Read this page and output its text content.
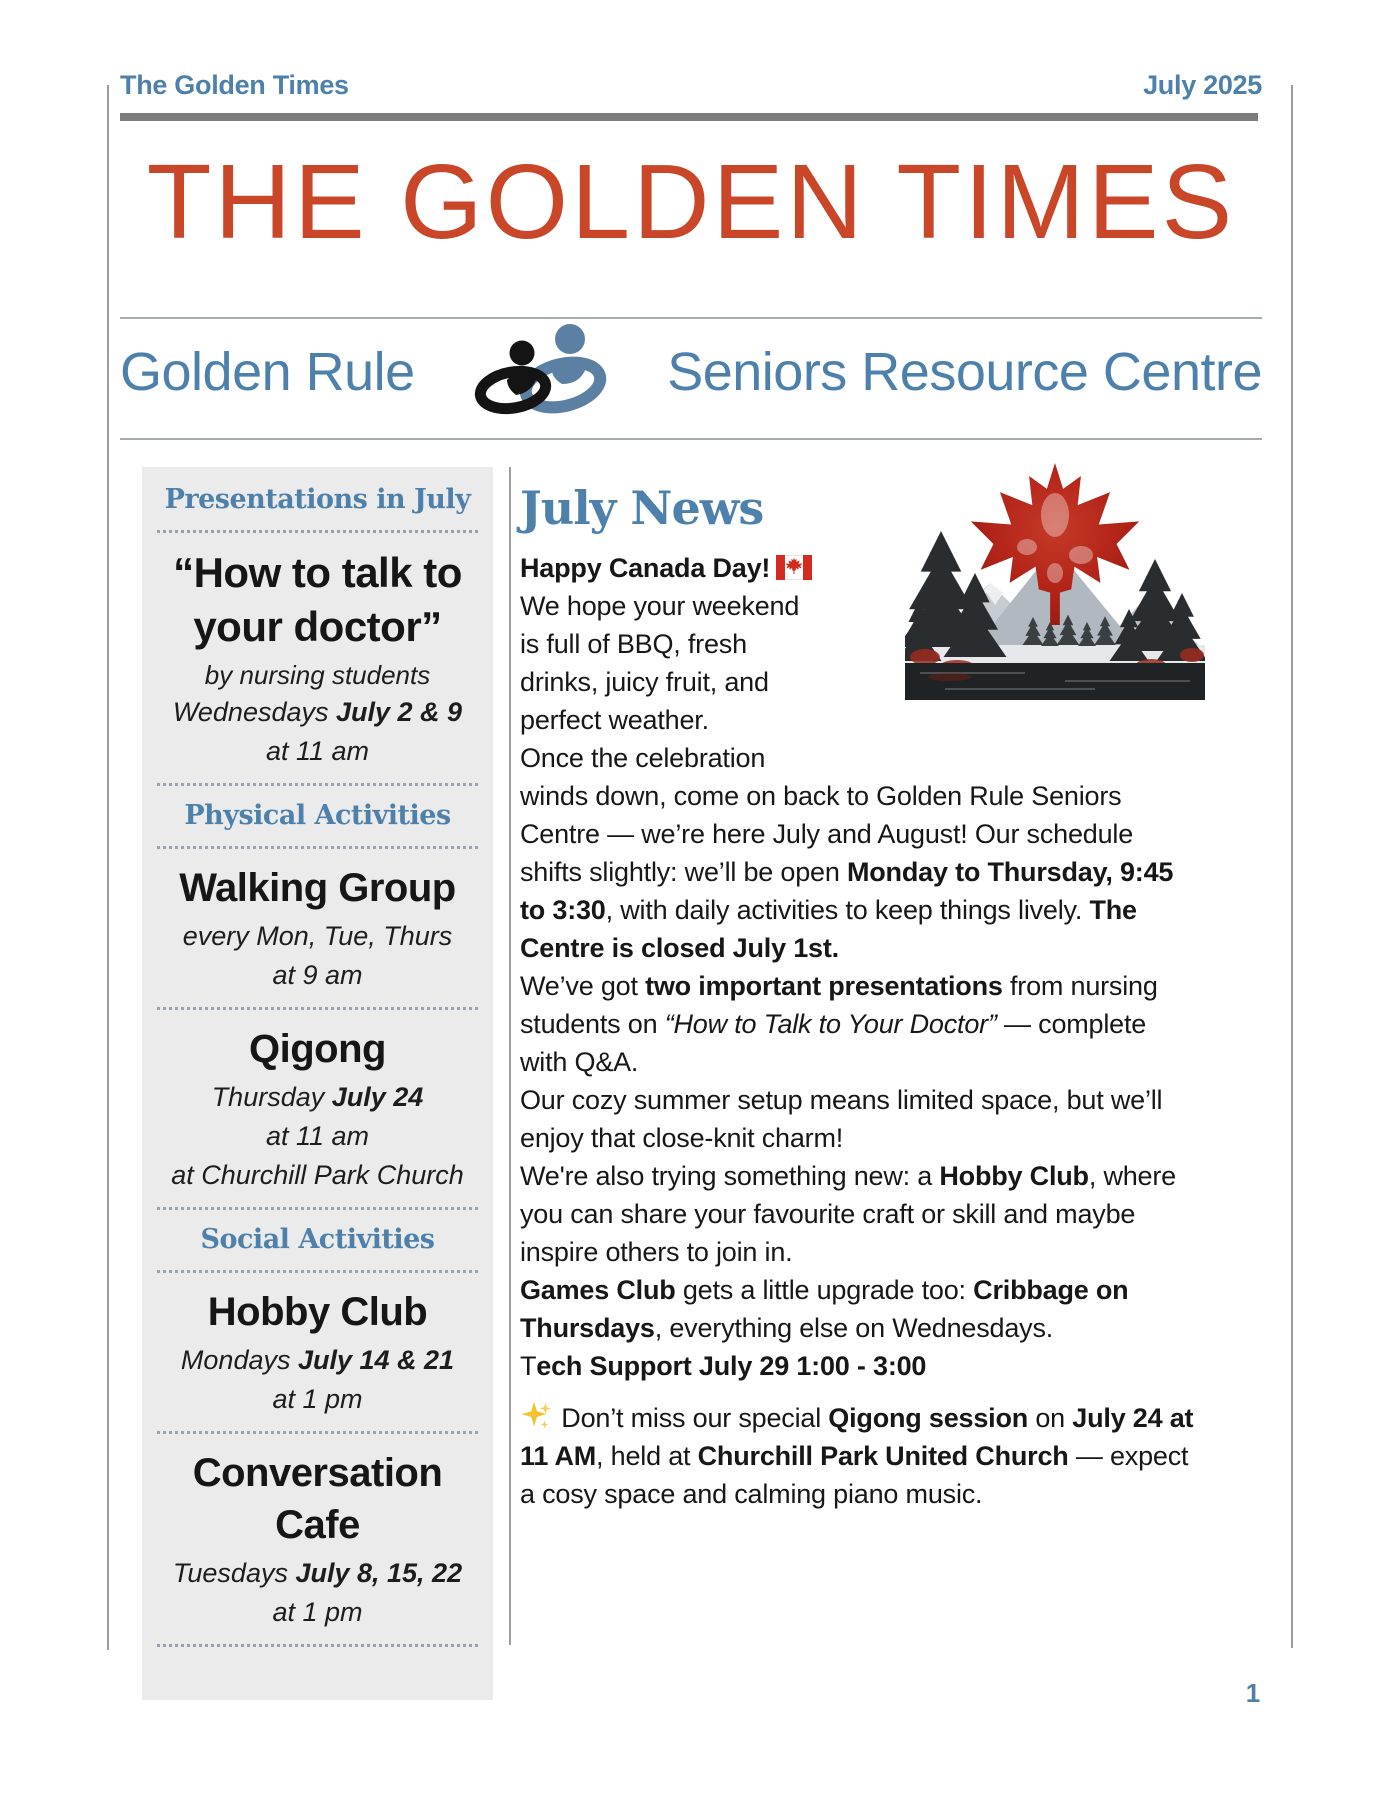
The Golden Times	July 2025
THE GOLDEN TIMES
Golden Rule	Seniors Resource Centre
Presentations in July
“How to talk to
your doctor”
by nursing students
Wednesdays July 2 & 9
at 11 am
Physical Activities
Walking Group
every Mon, Tue, Thurs
at 9 am
Qigong
Thursday July 24
at 11 am
at Churchill Park Church
Social Activities
Hobby Club
Mondays July 14 & 21
at 1 pm
Conversation Cafe
Tuesdays July 8, 15, 22
at 1 pm
July News
Happy Canada Day!
We hope your weekend
is full of BBQ, fresh
drinks, juicy fruit, and
perfect weather.
Once the celebration
winds down, come on back to Golden Rule Seniors Centre — we’re here July and August! Our schedule shifts slightly: we’ll be open Monday to Thursday, 9:45 to 3:30, with daily activities to keep things lively. The Centre is closed July 1st.
We’ve got two important presentations from nursing students on “How to Talk to Your Doctor” — complete with Q&A.
Our cozy summer setup means limited space, but we’ll enjoy that close-knit charm!
We're also trying something new: a Hobby Club, where you can share your favourite craft or skill and maybe inspire others to join in.
Games Club gets a little upgrade too: Cribbage on Thursdays, everything else on Wednesdays.
Tech Support July 29 1:00 - 3:00
Don’t miss our special Qigong session on July 24 at 11 AM, held at Churchill Park United Church — expect a cosy space and calming piano music.
1
